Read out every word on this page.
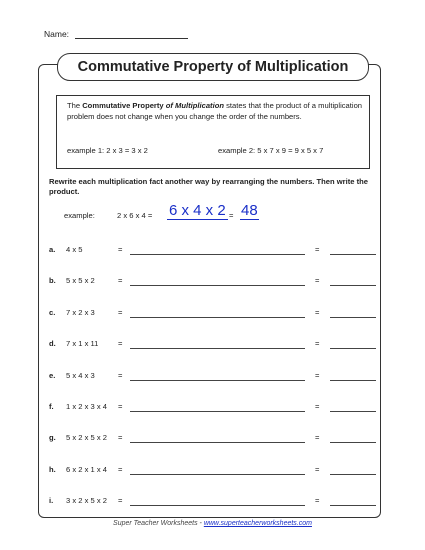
Name:
Commutative Property of Multiplication
The Commutative Property of Multiplication states that the product of a multiplication problem does not change when you change the order of the numbers.
example 1: 2 x 3 = 3 x 2	example 2: 5 x 7 x 9 = 9 x 5 x 7
Rewrite each multiplication fact another way by rearranging the numbers. Then write the product.
example:	2 x 6 x 4 = 6 x 4 x 2 = 48
a. 4 x 5	=	=
b. 5 x 5 x 2	=	=
c. 7 x 2 x 3	=	=
d. 7 x 1 x 11	=	=
e. 5 x 4 x 3	=	=
f. 1 x 2 x 3 x 4 =	=
g. 5 x 2 x 5 x 2 =	=
h. 6 x 2 x 1 x 4 =	=
i. 3 x 2 x 5 x 2 =	=
Super Teacher Worksheets - www.superteacherworksheets.com
